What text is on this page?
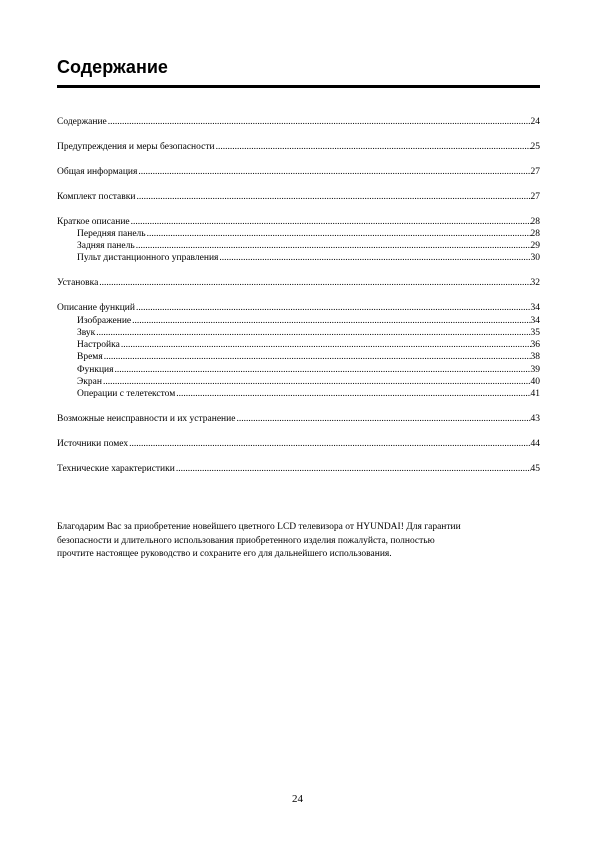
Содержание
Содержание .....	24
Предупреждения и меры безопасности .....	25
Общая информация .....	27
Комплект поставки .....	27
Краткое описание .....	28
Передняя панель .....	28
Задняя панель .....	29
Пульт дистанционного управления .....	30
Установка .....	32
Описание функций .....	34
Изображение .....	34
Звук .....	35
Настройка .....	36
Время .....	38
Функция .....	39
Экран .....	40
Операции с телетекстом .....	41
Возможные неисправности и их устранение .....	43
Источники помех .....	44
Технические характеристики .....	45

Благодарим Вас за приобретение новейшего цветного LCD телевизора от HYUNDAI! Для гарантии
безопасности и длительного использования приобретенного изделия пожалуйста, полностью
прочтите настоящее руководство и сохраните его для дальнейшего использования.

24
